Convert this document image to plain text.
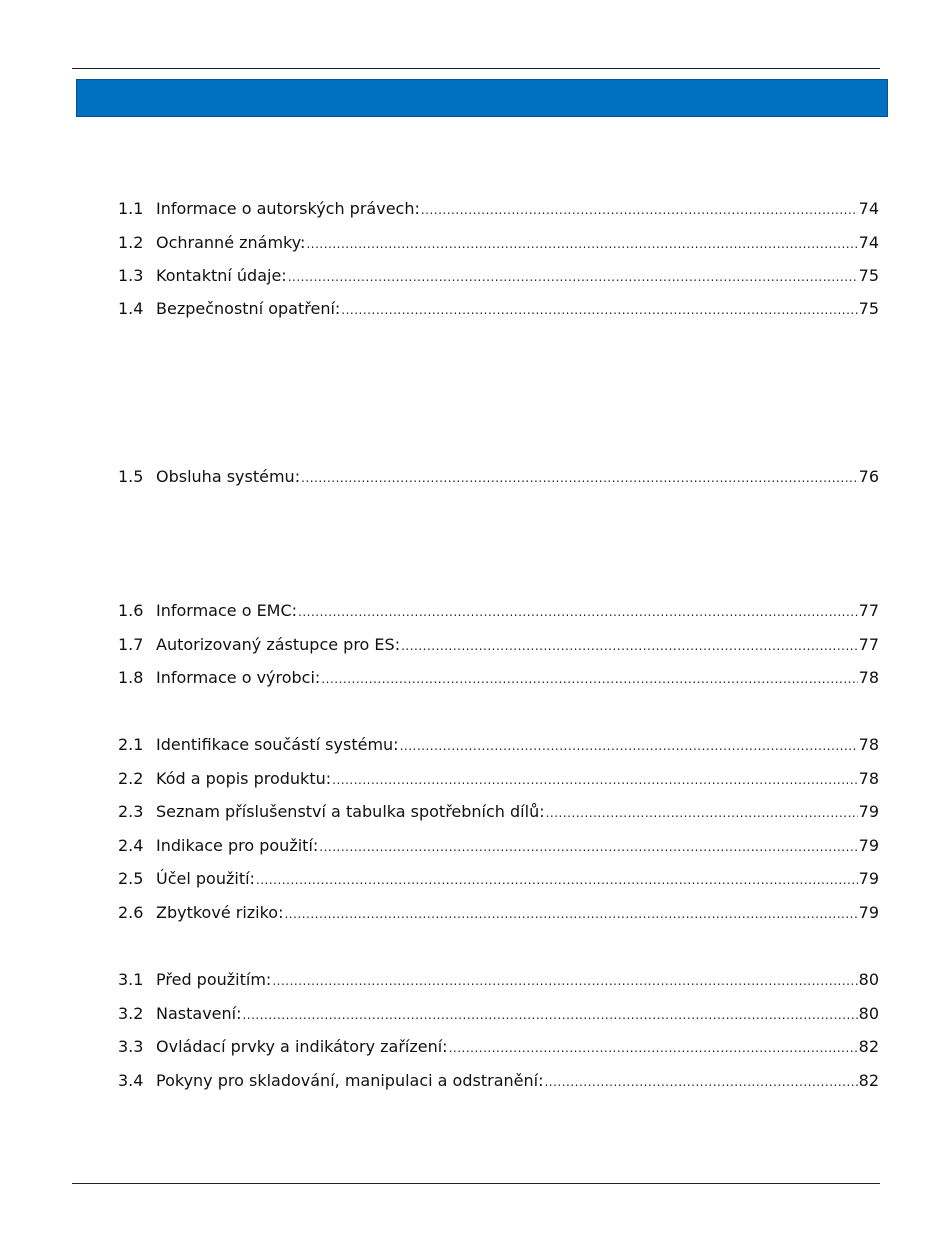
1.1 Informace o autorských právech: .....	74
1.2 Ochranné známky: .....	74
1.3 Kontaktní údaje: .....	75
1.4 Bezpečnostní opatření: .....	75
1.5 Obsluha systému: .....	76
1.6 Informace o EMC: .....	77
1.7 Autorizovaný zástupce pro ES: .....	77
1.8 Informace o výrobci: .....	78
2.1 Identifikace součástí systému: .....	78
2.2 Kód a popis produktu: .....	78
2.3 Seznam příslušenství a tabulka spotřebních dílů: .....	79
2.4 Indikace pro použití: .....	79
2.5 Účel použití: .....	79
2.6 Zbytkové riziko: .....	79
3.1 Před použitím: .....	80
3.2 Nastavení: .....	80
3.3 Ovládací prvky a indikátory zařízení: .....	82
3.4 Pokyny pro skladování, manipulaci a odstranění: .....	82
